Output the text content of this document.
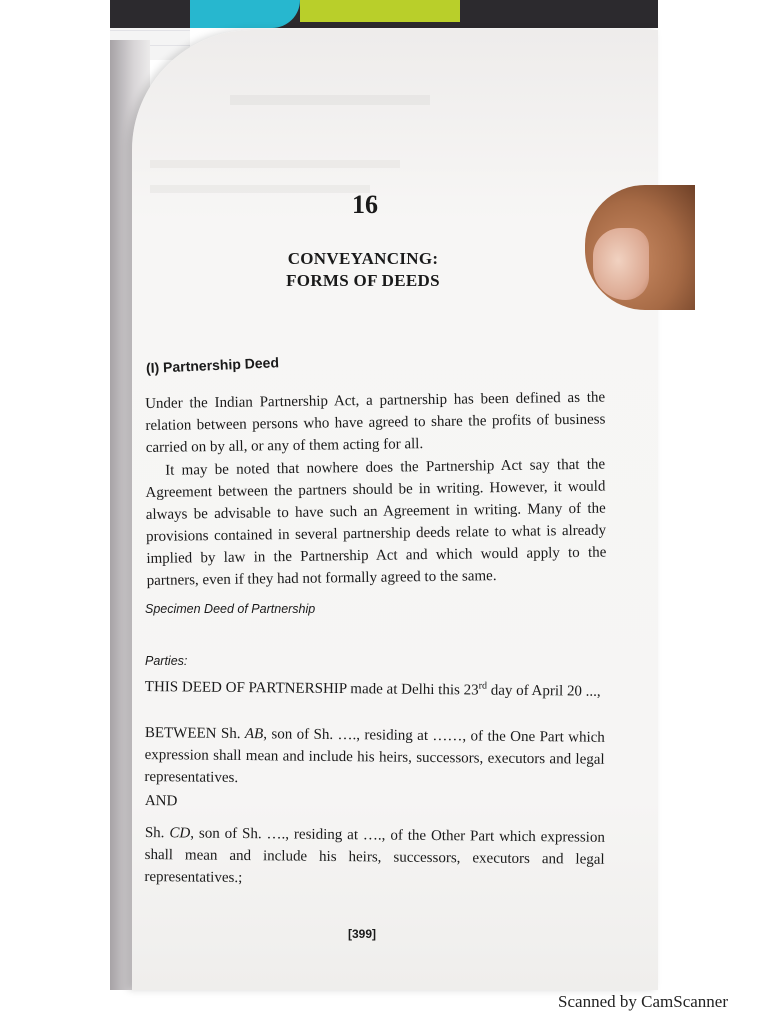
16
CONVEYANCING:
FORMS OF DEEDS
(I) Partnership Deed
Under the Indian Partnership Act, a partnership has been defined as the relation between persons who have agreed to share the profits of business carried on by all, or any of them acting for all.
It may be noted that nowhere does the Partnership Act say that the Agreement between the partners should be in writing. However, it would always be advisable to have such an Agreement in writing. Many of the provisions contained in several partnership deeds relate to what is already implied by law in the Partnership Act and which would apply to the partners, even if they had not formally agreed to the same.
Specimen Deed of Partnership
Parties:
THIS DEED OF PARTNERSHIP made at Delhi this 23rd day of April 20 ...,
BETWEEN Sh. AB, son of Sh. …., residing at ……, of the One Part which expression shall mean and include his heirs, successors, executors and legal representatives.
AND
Sh. CD, son of Sh. …., residing at …., of the Other Part which expression shall mean and include his heirs, successors, executors and legal representatives.;
[399]
Scanned by CamScanner
